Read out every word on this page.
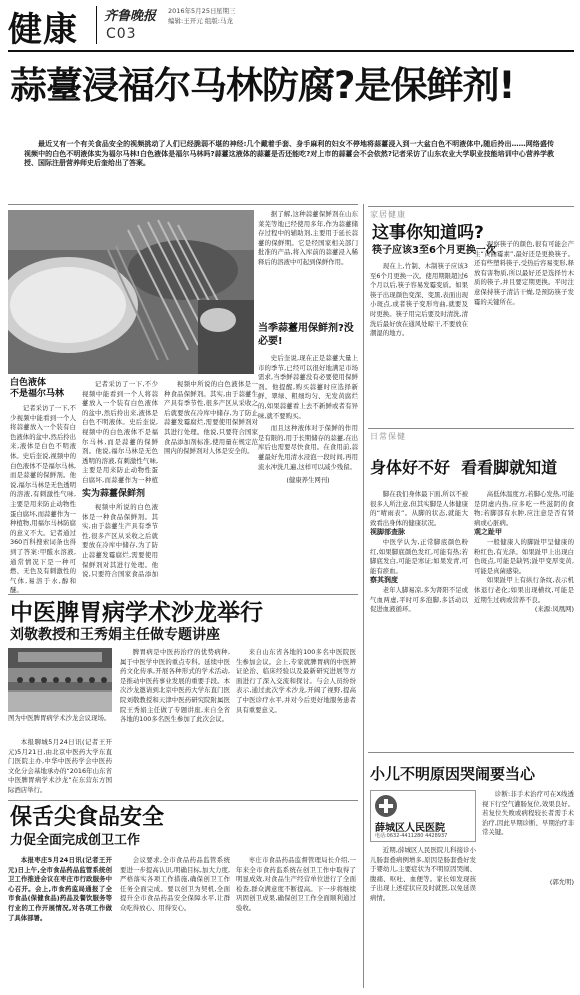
健康 齐鲁晚报 2016年5月25日 星期三
编辑:王开元 组版:马龙
C03
蒜薹浸福尔马林防腐?是保鲜剂!
最近又有一个有关食品安全的视频挑动了人们已经脆弱不堪的神经:几个戴着手套、身手麻利的妇女不停地将蒜薹浸入到一大盆白色不明液体中,随后拎出……网络盛传视频中的白色不明液体实为福尔马林!白色液体是福尔马林吗?蒜薹这液体的蒜薹是否还能吃?对上市的蒜薹会不会依然?记者采访了山东农业大学职业技能培训中心营养学教授、国际注册营养师史后奎给出了答案。
白色液体
不是福尔马林

记者采访了一下,不少视频中能看到一个人将蒜薹放入一个装有白色液体的盆中,然后拎出来,液体是白色不明液体。史后奎说,视频中的白色液体不是福尔马林,而是蒜薹的保鲜剂。他说,福尔马林是无色透明的溶液,有刺激性气味,主要是用来防止动物性蛋白腐坏,而蒜薹作为一种植物,用福尔马林防腐的意义不大。记者通过360百科搜索词条也得到了答案:甲醛水溶液,通常情况下是一种可燃、无色及有刺激性的气体,易溶于水,醇和醚。

记者采访了一下,不少视频中能看到一个人将蒜薹放入一个装有白色液体的盆中,然后拎出来,液体是白色不明液体。史后奎说,视频中的白色液体不是福尔马林,而是蒜薹的保鲜剂。他说,福尔马林是无色透明的溶液,有刺激性气味,主要是用来防止动物性蛋白腐坏,而蒜薹作为一种植

实为蒜薹保鲜剂

视频中所说的白色液体是一种食品保鲜剂。其实,由于蒜薹生产具有季节性,很多产区从采收之后就要放在冷库中储存,为了防止蒜薹发霉腐烂,需要使用保鲜剂对其进行处理。他说,只要符合国家食品添加

视频中所说的白色液体是一种食品保鲜剂。其实,由于蒜薹生产具有季节性,很多产区从采收之后就要放在冷库中储存,为了防止蒜薹发霉腐烂,需要使用保鲜剂对其进行处理。他说,只要符合国家食品添加剂标准,使用量在规定范围内的保鲜剂对人体是安全的。

据了解,这种蒜薹保鲜剂在山东莱芜等地已经使用多年,作为蒜薹储存过程中的辅助剂,主要用于延长蒜薹的保鲜期。它是经国家相关部门批准的产品,将入库前的蒜薹浸入稀释后的溶液中可起到保鲜作用。

当季蒜薹用保鲜剂?没必要!

史后奎说,现在正是蒜薹大量上市的季节,已经可以很好地满足市场需求,当季鲜蒜薹没有必要使用保鲜剂。他提醒,购买蒜薹时应选择新鲜、翠绿、粗细均匀、无发黄腐烂的,如果蒜薹看上去不新鲜或者有异味,就不要购买。

而且这种液体对于保鲜的作用是有限的,用于长期储存的蒜薹,在出库后也需要尽快食用。在食用前,蒜薹最好先用清水浸泡一段时间,再用流水冲洗几遍,这样可以减少残留。

(健康养生网刊)
中医脾胃病学术沙龙举行
刘敬教授和王秀娟主任做专题讲座
图为中医脾胃病学术沙龙会议现场。

本报聊城5月24日讯(记者王开元)5月21日,由北京中医药大学东直门医院主办,中华中医药学会中医药文化分会基地承办的“2016年山东省中医脾胃病学术沙龙”在东营东方国际酒店举行。

脾胃病是中医药治疗的优势病种,属于中医学中医的重点专科。延续中医药文化传承,开展各种形式的学术活动,是推动中医药事业发展的重要手段。本次沙龙邀请到北京中医药大学东直门医院刘敬教授和天津中医药研究院附属医院王秀娟主任做了专题讲座,来自全省各地的100多名医生参加了此次会议。

来自山东省各地的100多名中医院医生参加会议。会上,专家就脾胃病的中医辨证论治、临床经验以及最新研究进展等方面进行了深入交流和探讨。与会人员纷纷表示,通过此次学术沙龙,开阔了视野,提高了中医诊疗水平,并对今后更好地服务患者具有重要意义。

保舌尖食品安全
力促全面完成创卫工作

本报枣庄5月24日讯(记者王开元)日上午,全市食品药品监管系统创卫工作推进会议在枣庄市行政服务中心召开。会上,市食药监局通报了全市食品(保健食品)药品及餐饮服务等行业的工作开展情况,对各项工作做了具体部署。

会议要求,全市食品药品监管系统要进一步提高认识,明确目标,加大力度,严格落实各项工作措施,确保创卫工作任务全面完成。要以创卫为契机,全面提升全市食品药品安全保障水平,让群众吃得放心、用得安心。

枣庄市食品药品监督管理局长介绍,一年来全市食药监系统在创卫工作中取得了明显成效,对食品生产经营单位进行了全面检查,群众满意度不断提高。下一步将继续巩固创卫成果,确保创卫工作全面顺利通过验收。

家居健康
这事你知道吗?
筷子应该3至6个月更换一次

现在上,竹制、木制筷子应该3至6个月更换一次。使用期限超过6个月以后,筷子容易发霉变质。如果筷子出现颜色变深、变黑,表面出现小斑点,或者筷子变形弯曲,就要及时更换。筷子用完后要及时清洗,清洗后最好放在通风处晾干,不要放在潮湿的地方。

观察筷子的颜色,很有可能会产生“黄曲霉素”,最好还是更换筷子。还有些塑料筷子,受热后容易变形,释放有害物质,所以最好还是选择竹木质的筷子,并且要定期更换。平时注意保持筷子清洁干燥,是预防筷子发霉的关键所在。

日常保健
身体好不好  看看脚就知道

脚在我们身体最下面,所以不被很多人所注意,但其实脚是人体健康的“晴雨表”。从脚的状态,就能大致看出身体的健康状况。

视脚部查脉

中医学认为,正常脚底颜色粉红,如果脚底颜色发红,可能有热;若脚底发白,可能是寒证;如果发青,可能有瘀血。

察其润度

老年人脚易凉,多为肾阳不足或气血两虚,平时可多泡脚,多活动以促进血液循环。

高低体温度方,若脚心发热,可能是阴虚内热,应多吃一些滋阴的食物;若脚部有水肿,应注意是否有肾病或心脏病。

观之趾甲

一般健康人的脚趾甲呈健康的粉红色,有光泽。如果趾甲上出现白色斑点,可能是缺钙;趾甲变厚变黄,可能是真菌感染。

如果趾甲上有纵行条纹,表示机体退行老化;如果出现横纹,可能是近期生过病或营养不良。

(来源:凤凰网)
小儿不明原因哭闹要当心
薛城区人民医院
电话:0632-4411280 4428937

近期,薛城区人民医院儿科接诊小儿肠套叠病例增多,原因是肠套叠好发于婴幼儿,主要症状为不明原因哭闹、腹痛、呕吐、血便等。家长如发现孩子出现上述症状应及时就医,以免延误病情。

诊断:非手术治疗可在X线透视下行空气灌肠复位,效果良好。若复位失败或病程较长者需手术治疗,因此早期诊断、早期治疗非常关键。

(郭允明)
